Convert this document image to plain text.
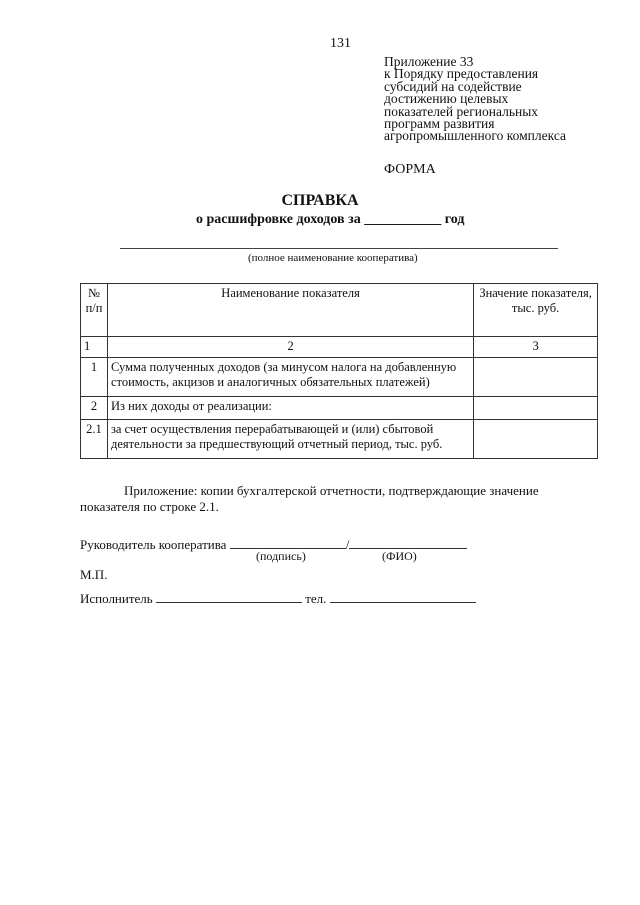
131
Приложение 33
к Порядку предоставления
субсидий на содействие
достижению целевых
показателей региональных
программ развития
агропромышленного комплекса
ФОРМА
СПРАВКА
о расшифровке доходов за ___________ год
(полное наименование кооператива)
№ п/п	Наименование показателя	Значение показателя, тыс. руб.
1	2	3
1	Сумма полученных доходов (за минусом налога на добавленную стоимость, акцизов и аналогичных обязательных платежей)	
2	Из них доходы от реализации:	
2.1	за счет осуществления перерабатывающей и (или) сбытовой деятельности за предшествующий отчетный период, тыс. руб.	
Приложение: копии бухгалтерской отчетности, подтверждающие значение показателя по строке 2.1.
Руководитель кооператива	/
(подпись)	(ФИО)
М.П.
Исполнитель	тел.
